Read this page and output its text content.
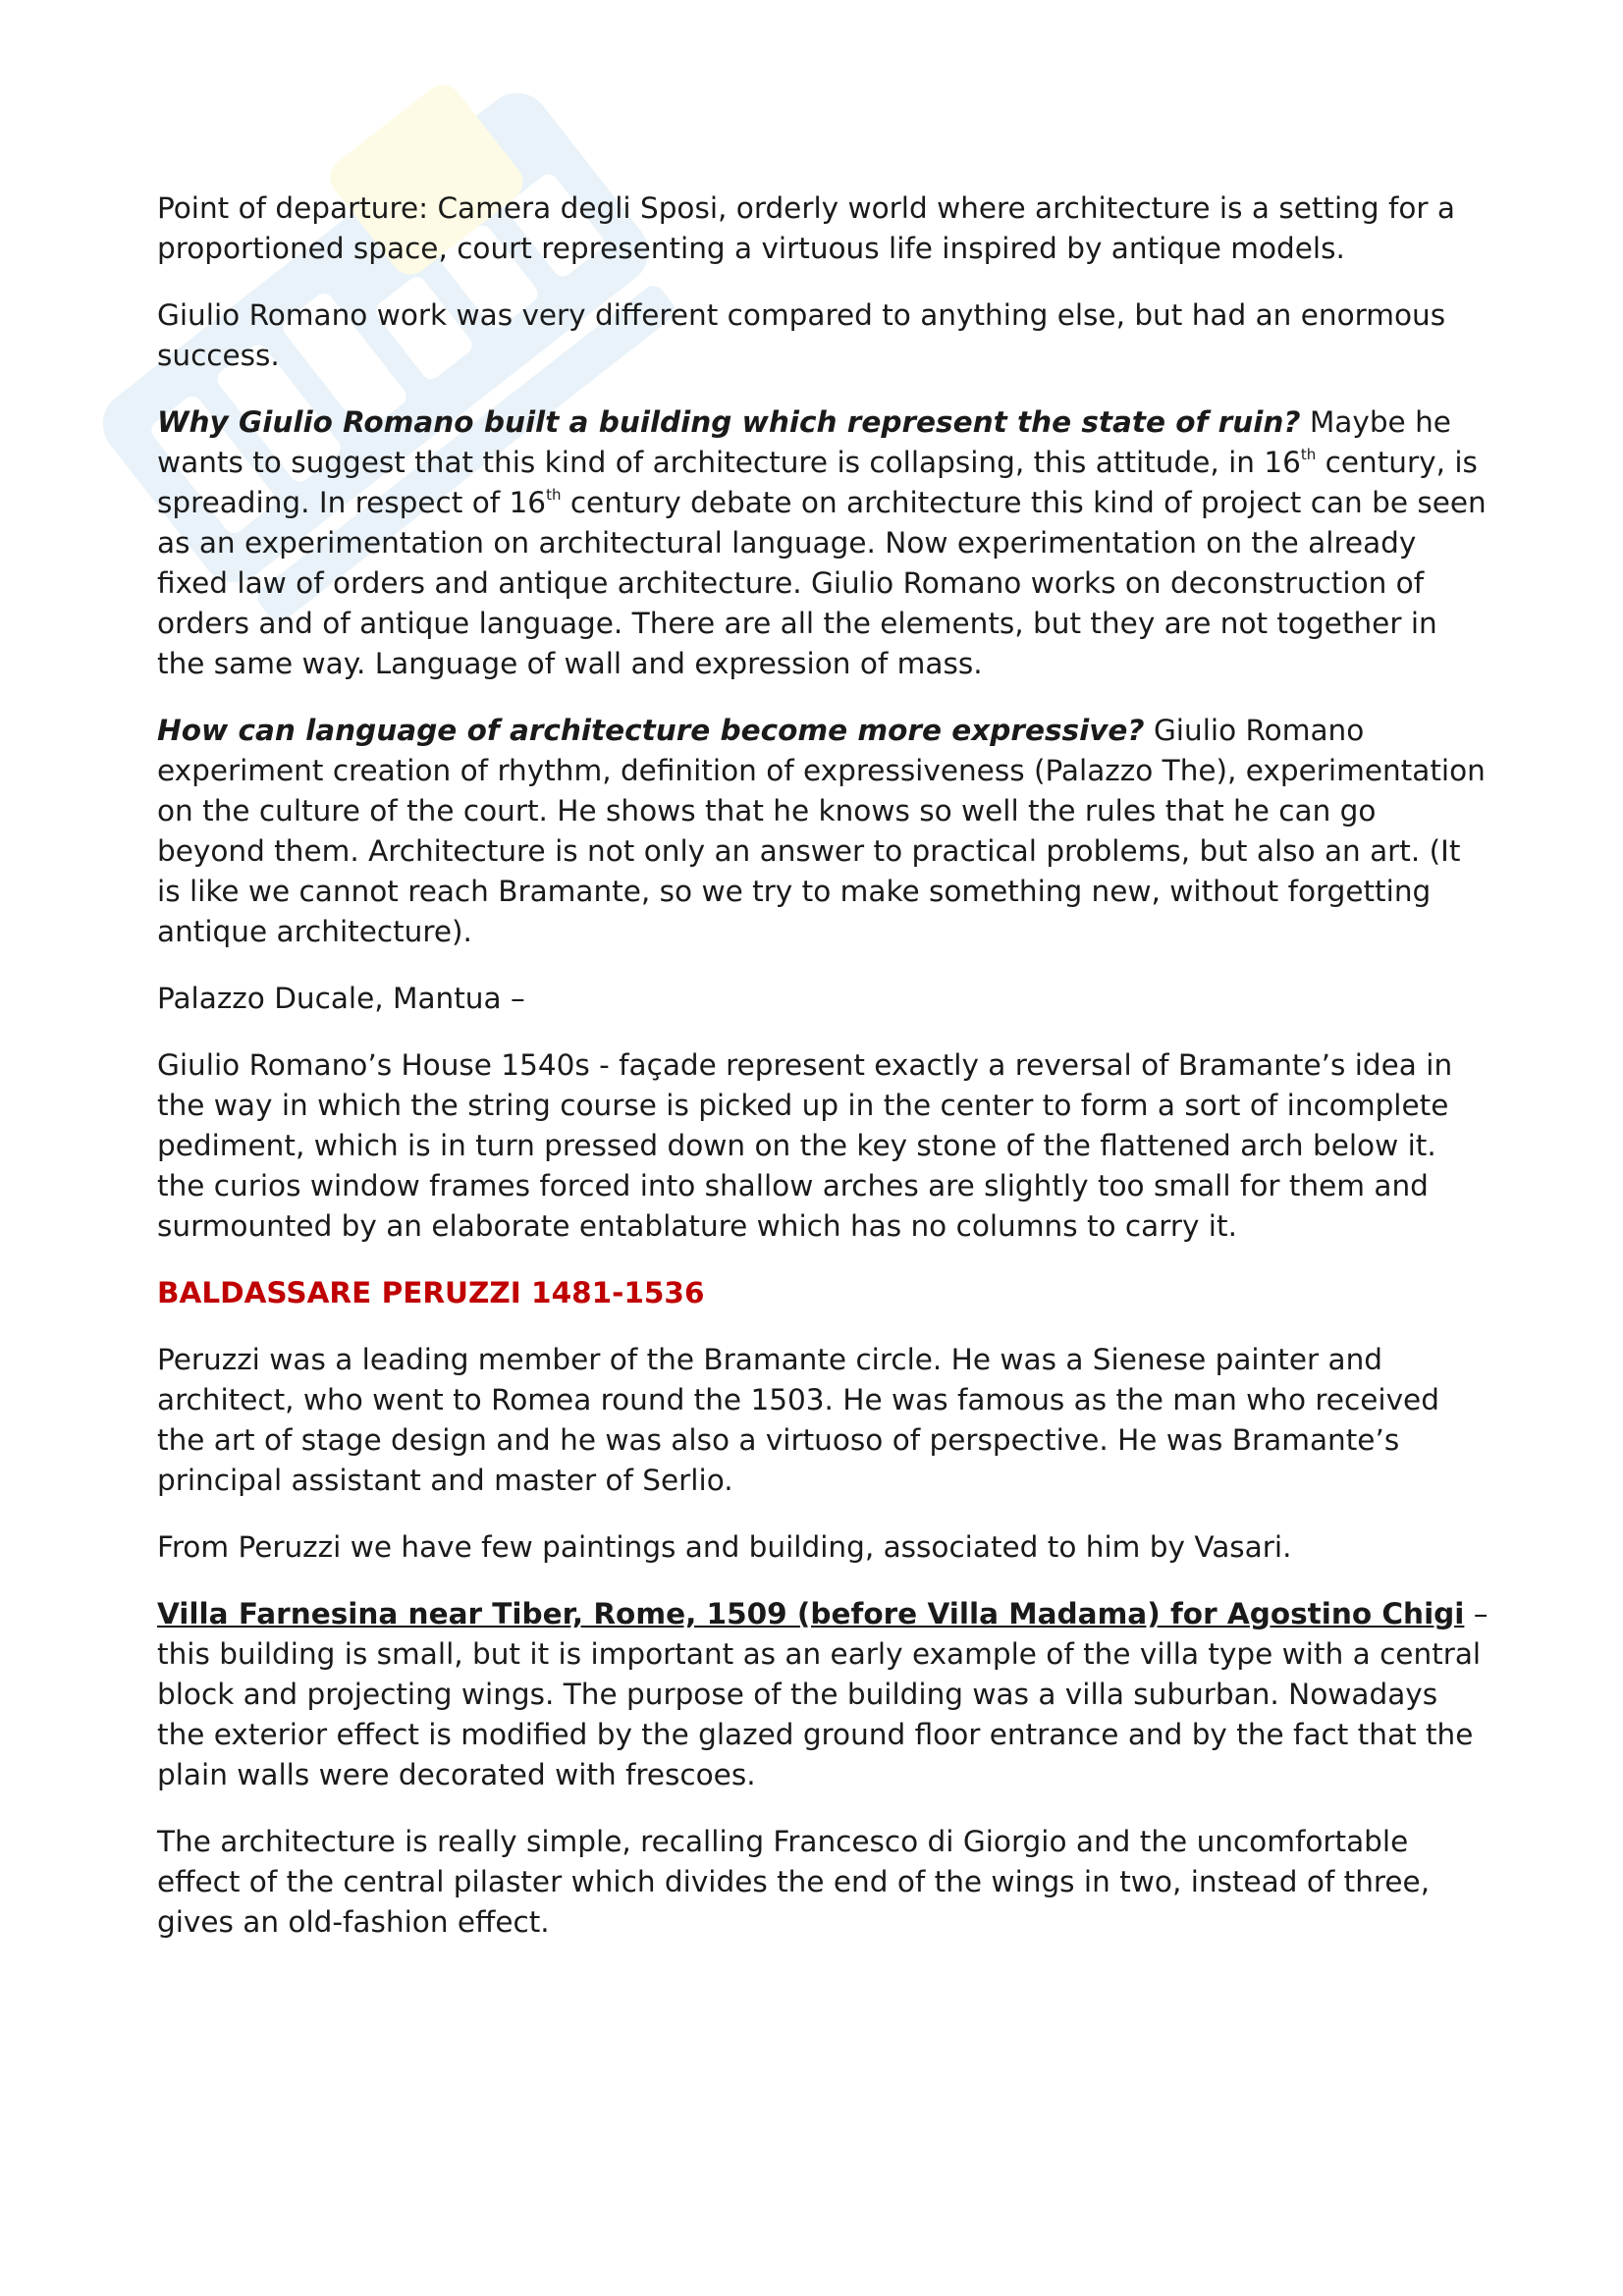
Point of departure: Camera degli Sposi, orderly world where architecture is a setting for a proportioned space, court representing a virtuous life inspired by antique models.

Giulio Romano work was very different compared to anything else, but had an enormous success.

Why Giulio Romano built a building which represent the state of ruin? Maybe he wants to suggest that this kind of architecture is collapsing, this attitude, in 16th century, is spreading. In respect of 16th century debate on architecture this kind of project can be seen as an experimentation on architectural language. Now experimentation on the already fixed law of orders and antique architecture. Giulio Romano works on deconstruction of orders and of antique language. There are all the elements, but they are not together in the same way. Language of wall and expression of mass.

How can language of architecture become more expressive? Giulio Romano experiment creation of rhythm, definition of expressiveness (Palazzo The), experimentation on the culture of the court. He shows that he knows so well the rules that he can go beyond them. Architecture is not only an answer to practical problems, but also an art. (It is like we cannot reach Bramante, so we try to make something new, without forgetting antique architecture).

Palazzo Ducale, Mantua –

Giulio Romano’s House 1540s - façade represent exactly a reversal of Bramante’s idea in the way in which the string course is picked up in the center to form a sort of incomplete pediment, which is in turn pressed down on the key stone of the flattened arch below it. the curios window frames forced into shallow arches are slightly too small for them and surmounted by an elaborate entablature which has no columns to carry it.

BALDASSARE PERUZZI 1481-1536

Peruzzi was a leading member of the Bramante circle. He was a Sienese painter and architect, who went to Romea round the 1503. He was famous as the man who received the art of stage design and he was also a virtuoso of perspective. He was Bramante’s principal assistant and master of Serlio.

From Peruzzi we have few paintings and building, associated to him by Vasari.

Villa Farnesina near Tiber, Rome, 1509 (before Villa Madama) for Agostino Chigi – this building is small, but it is important as an early example of the villa type with a central block and projecting wings. The purpose of the building was a villa suburban. Nowadays the exterior effect is modified by the glazed ground floor entrance and by the fact that the plain walls were decorated with frescoes.

The architecture is really simple, recalling Francesco di Giorgio and the uncomfortable effect of the central pilaster which divides the end of the wings in two, instead of three, gives an old-fashion effect.
